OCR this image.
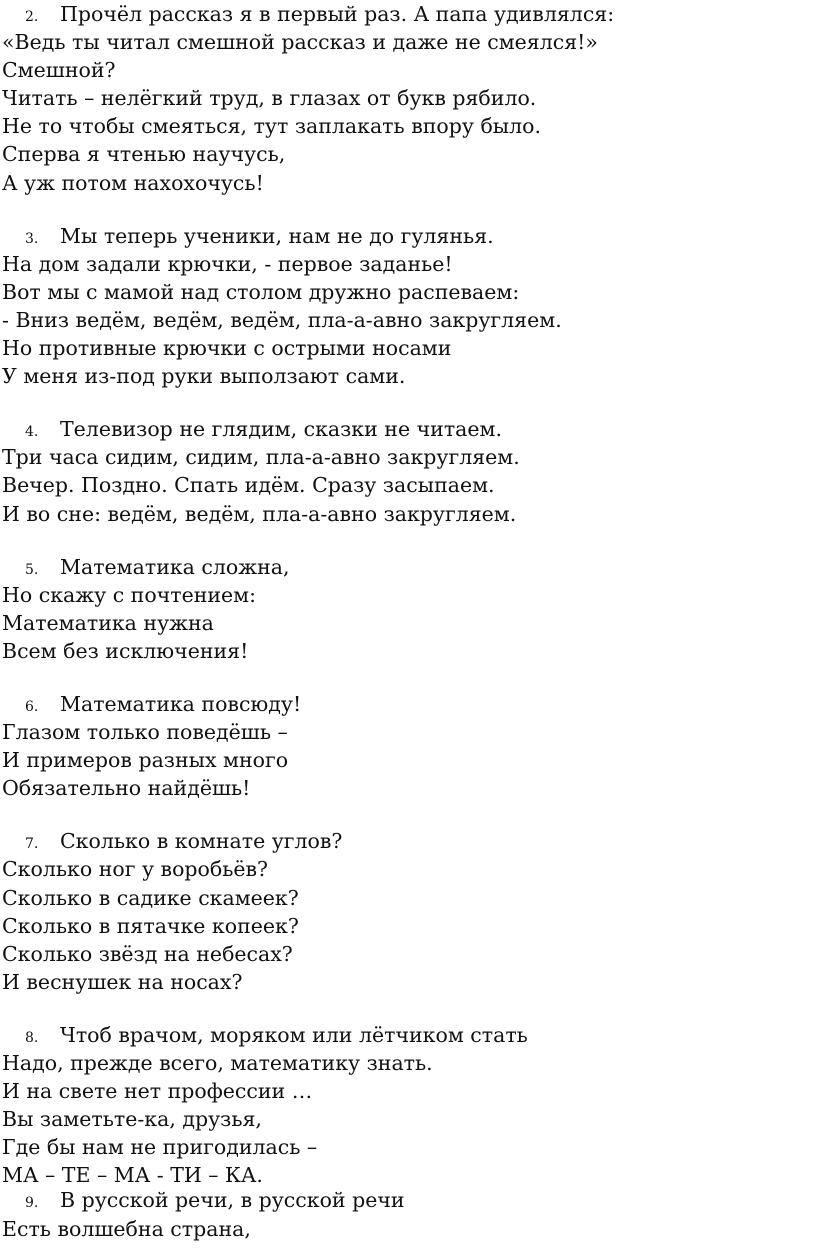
2.	Прочёл рассказ я в первый раз. А папа удивлялся:
«Ведь ты читал смешной рассказ и даже не смеялся!»
Смешной?
Читать – нелёгкий труд, в глазах от букв рябило.
Не то чтобы смеяться, тут заплакать впору было.
Сперва я чтенью научусь,
А уж потом нахохочусь!
3.	Мы теперь ученики, нам не до гулянья.
На дом задали крючки, - первое заданье!
Вот мы с мамой над столом дружно распеваем:
- Вниз ведём, ведём, ведём, пла-а-авно закругляем.
Но противные крючки с острыми носами
У меня из-под руки выползают сами.
4.	Телевизор не глядим, сказки не читаем.
Три часа сидим, сидим, пла-а-авно закругляем.
Вечер. Поздно. Спать идём. Сразу засыпаем.
И во сне: ведём, ведём, пла-а-авно закругляем.
5.	Математика сложна,
Но скажу с почтением:
Математика нужна
Всем без исключения!
6.	Математика повсюду!
Глазом только поведёшь –
И примеров разных много
Обязательно найдёшь!
7.	Сколько в комнате углов?
Сколько ног у воробьёв?
Сколько в садике скамеек?
Сколько в пятачке копеек?
Сколько звёзд на небесах?
И веснушек на носах?
8.	Чтоб врачом, моряком или лётчиком стать
Надо, прежде всего, математику знать.
И на свете нет профессии …
Вы заметьте-ка, друзья,
Где бы нам не пригодилась –
МА – ТЕ – МА - ТИ – КА.
9.	В русской речи, в русской речи
Есть волшебна страна,
